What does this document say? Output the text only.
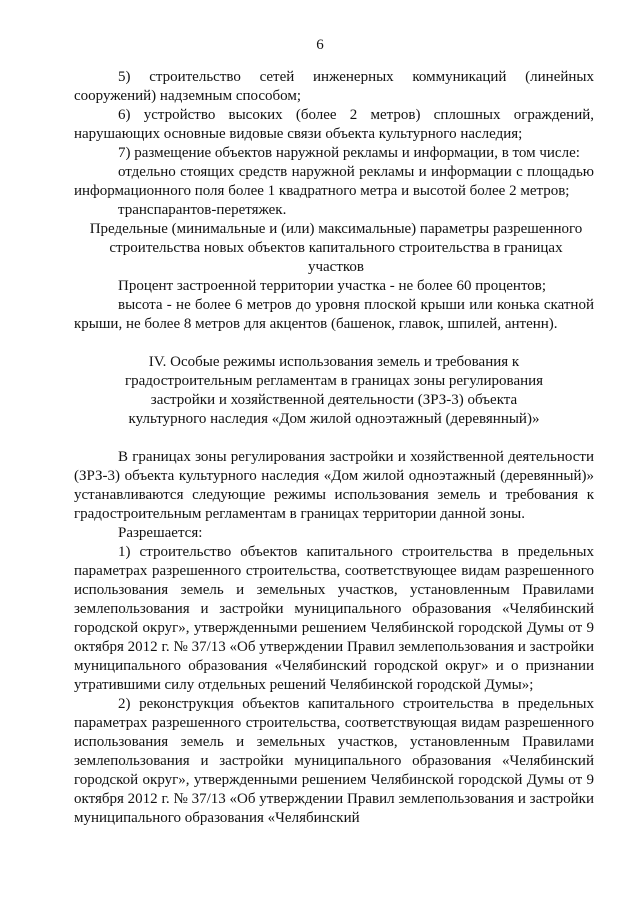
6

5) строительство сетей инженерных коммуникаций (линейных сооружений) надземным способом;

6) устройство высоких (более 2 метров) сплошных ограждений, нарушающих основные видовые связи объекта культурного наследия;

7) размещение объектов наружной рекламы и информации, в том числе:

отдельно стоящих средств наружной рекламы и информации с площадью информационного поля более 1 квадратного метра и высотой более 2 метров;

транспарантов-перетяжек.

Предельные (минимальные и (или) максимальные) параметры разрешенного строительства новых объектов капитального строительства в границах участков

Процент застроенной территории участка - не более 60 процентов;

высота - не более 6 метров до уровня плоской крыши или конька скатной крыши, не более 8 метров для акцентов (башенок, главок, шпилей, антенн).

IV. Особые режимы использования земель и требования к градостроительным регламентам в границах зоны регулирования застройки и хозяйственной деятельности (ЗРЗ-3) объекта культурного наследия «Дом жилой одноэтажный (деревянный)»

В границах зоны регулирования застройки и хозяйственной деятельности (ЗРЗ-3) объекта культурного наследия «Дом жилой одноэтажный (деревянный)» устанавливаются следующие режимы использования земель и требования к градостроительным регламентам в границах территории данной зоны.

Разрешается:

1) строительство объектов капитального строительства в предельных параметрах разрешенного строительства, соответствующее видам разрешенного использования земель и земельных участков, установленным Правилами землепользования и застройки муниципального образования «Челябинский городской округ», утвержденными решением Челябинской городской Думы от 9 октября 2012 г. № 37/13 «Об утверждении Правил землепользования и застройки муниципального образования «Челябинский городской округ» и о признании утратившими силу отдельных решений Челябинской городской Думы»;

2) реконструкция объектов капитального строительства в предельных параметрах разрешенного строительства, соответствующая видам разрешенного использования земель и земельных участков, установленным Правилами землепользования и застройки муниципального образования «Челябинский городской округ», утвержденными решением Челябинской городской Думы от 9 октября 2012 г. № 37/13 «Об утверждении Правил землепользования и застройки муниципального образования «Челябинский
